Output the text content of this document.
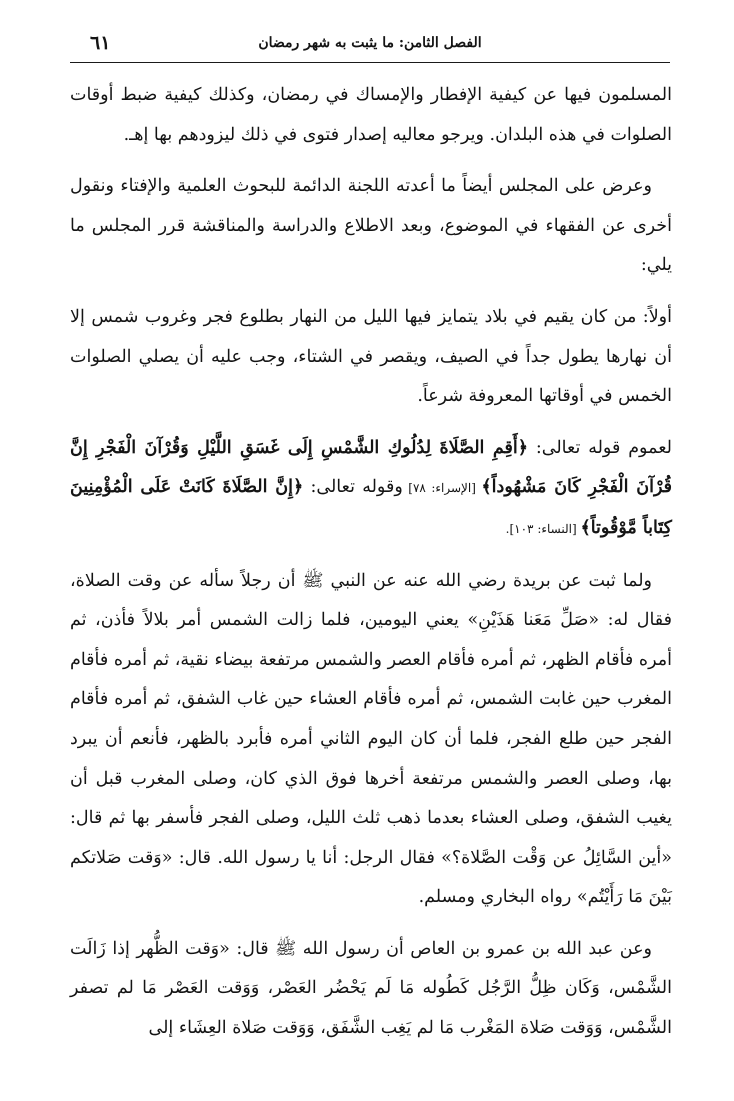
٦١	الفصل الثامن: ما يثبت به شهر رمضان

المسلمون فيها عن كيفية الإفطار والإمساك في رمضان، وكذلك كيفية ضبط أوقات الصلوات في هذه البلدان. ويرجو معاليه إصدار فتوى في ذلك ليزودهم بها إهـ.

وعرض على المجلس أيضاً ما أعدته اللجنة الدائمة للبحوث العلمية والإفتاء ونقول أخرى عن الفقهاء في الموضوع، وبعد الاطلاع والدراسة والمناقشة قرر المجلس ما يلي:

أولاً: من كان يقيم في بلاد يتمايز فيها الليل من النهار بطلوع فجر وغروب شمس إلا أن نهارها يطول جداً في الصيف، ويقصر في الشتاء، وجب عليه أن يصلي الصلوات الخمس في أوقاتها المعروفة شرعاً.

لعموم قوله تعالى: ﴿أَقِمِ الصَّلَاةَ لِدُلُوكِ الشَّمْسِ إِلَى غَسَقِ اللَّيْلِ وَقُرْآنَ الْفَجْرِ إِنَّ قُرْآنَ الْفَجْرِ كَانَ مَشْهُوداً﴾ [الإسراء: ٧٨] وقوله تعالى: ﴿إِنَّ الصَّلَاةَ كَانَتْ عَلَى الْمُؤْمِنِينَ كِتَاباً مَّوْقُوتاً﴾ [النساء: ١٠٣].

ولما ثبت عن بريدة رضي الله عنه عن النبي ﷺ أن رجلاً سأله عن وقت الصلاة، فقال له: «صَلِّ مَعَنا هَذَيْنِ» يعني اليومين، فلما زالت الشمس أمر بلالاً فأذن، ثم أمره فأقام الظهر، ثم أمره فأقام العصر والشمس مرتفعة بيضاء نقية، ثم أمره فأقام المغرب حين غابت الشمس، ثم أمره فأقام العشاء حين غاب الشفق، ثم أمره فأقام الفجر حين طلع الفجر، فلما أن كان اليوم الثاني أمره فأبرد بالظهر، فأنعم أن يبرد بها، وصلى العصر والشمس مرتفعة أخرها فوق الذي كان، وصلى المغرب قبل أن يغيب الشفق، وصلى العشاء بعدما ذهب ثلث الليل، وصلى الفجر فأسفر بها ثم قال: «أين السَّائِلُ عن وَقْت الصَّلاة؟» فقال الرجل: أنا يا رسول الله. قال: «وَقت صَلاتكم بَيْنَ مَا رَأَيْتُم» رواه البخاري ومسلم.

وعن عبد الله بن عمرو بن العاص أن رسول الله ﷺ قال: «وَقت الظُّهر إذا زَالَت الشَّمْس، وَكَان ظِلُّ الرَّجُل كَطُوله مَا لَم يَحْضُر العَصْر، وَوَقت العَصْر مَا لم تصفر الشَّمْس، وَوَقت صَلاة المَغْرب مَا لم يَغِب الشَّفَق، وَوَقت صَلاة العِشَاء إلى
